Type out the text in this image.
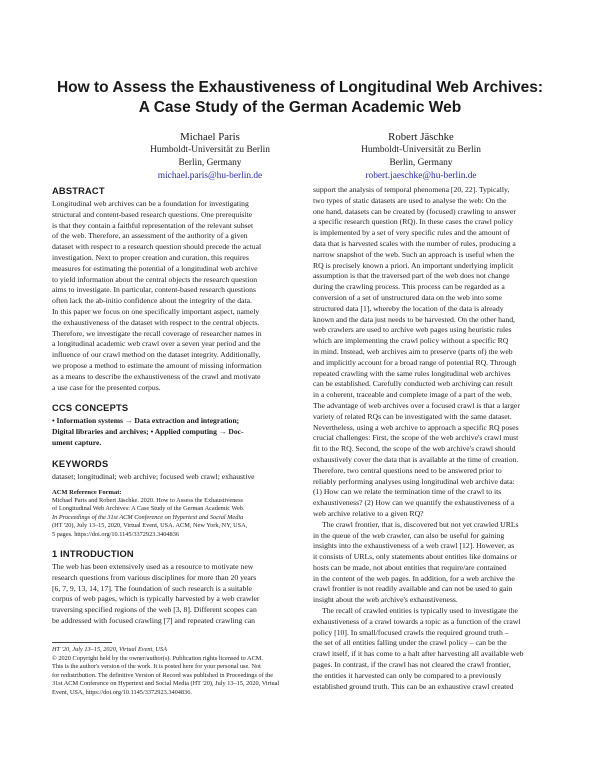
How to Assess the Exhaustiveness of Longitudinal Web Archives:
A Case Study of the German Academic Web
Michael Paris
Humboldt-Universität zu Berlin
Berlin, Germany
michael.paris@hu-berlin.de
Robert Jäschke
Humboldt-Universität zu Berlin
Berlin, Germany
robert.jaeschke@hu-berlin.de

ABSTRACT

Longitudinal web archives can be a foundation for investigating
structural and content-based research questions. One prerequisite
is that they contain a faithful representation of the relevant subset
of the web. Therefore, an assessment of the authority of a given
dataset with respect to a research question should precede the actual
investigation. Next to proper creation and curation, this requires
measures for estimating the potential of a longitudinal web archive
to yield information about the central objects the research question
aims to investigate. In particular, content-based research questions
often lack the ab-initio confidence about the integrity of the data.
In this paper we focus on one specifically important aspect, namely
the exhaustiveness of the dataset with respect to the central objects.
Therefore, we investigate the recall coverage of researcher names in
a longitudinal academic web crawl over a seven year period and the
influence of our crawl method on the dataset integrity. Additionally,
we propose a method to estimate the amount of missing information
as a means to describe the exhaustiveness of the crawl and motivate
a use case for the presented corpus.

CCS CONCEPTS

• Information systems → Data extraction and integration;
Digital libraries and archives; • Applied computing → Doc-
ument capture.

KEYWORDS

dataset; longitudinal; web archive; focused web crawl; exhaustive
ACM Reference Format:
Michael Paris and Robert Jäschke. 2020. How to Assess the Exhaustiveness
of Longitudinal Web Archives: A Case Study of the German Academic Web.
In Proceedings of the 31st ACM Conference on Hypertext and Social Media
(HT '20), July 13–15, 2020, Virtual Event, USA. ACM, New York, NY, USA,
5 pages. https://doi.org/10.1145/3372923.3404836

1 INTRODUCTION

The web has been extensively used as a resource to motivate new
research questions from various disciplines for more than 20 years
[6, 7, 9, 13, 14, 17]. The foundation of such research is a suitable
corpus of web pages, which is typically harvested by a web crawler
traversing specified regions of the web [3, 8]. Different scopes can
be addressed with focused crawling [7] and repeated crawling can
HT '20, July 13–15, 2020, Virtual Event, USA
© 2020 Copyright held by the owner/author(s). Publication rights licensed to ACM.
This is the author's version of the work. It is posted here for your personal use. Not
for redistribution. The definitive Version of Record was published in Proceedings of the
31st ACM Conference on Hypertext and Social Media (HT '20), July 13–15, 2020, Virtual
Event, USA, https://doi.org/10.1145/3372923.3404836.
support the analysis of temporal phenomena [20, 22]. Typically,
two types of static datasets are used to analyse the web: On the
one hand, datasets can be created by (focused) crawling to answer
a specific research question (RQ). In these cases the crawl policy
is implemented by a set of very specific rules and the amount of
data that is harvested scales with the number of rules, producing a
narrow snapshot of the web. Such an approach is useful when the
RQ is precisely known a priori. An important underlying implicit
assumption is that the traversed part of the web does not change
during the crawling process. This process can be regarded as a
conversion of a set of unstructured data on the web into some
structured data [1], whereby the location of the data is already
known and the data just needs to be harvested. On the other hand,
web crawlers are used to archive web pages using heuristic rules
which are implementing the crawl policy without a specific RQ
in mind. Instead, web archives aim to preserve (parts of) the web
and implicitly account for a broad range of potential RQ. Through
repeated crawling with the same rules longitudinal web archives
can be established. Carefully conducted web archiving can result
in a coherent, traceable and complete image of a part of the web.
The advantage of web archives over a focused crawl is that a larger
variety of related RQs can be investigated with the same dataset.
Nevertheless, using a web archive to approach a specific RQ poses
crucial challenges: First, the scope of the web archive's crawl must
fit to the RQ. Second, the scope of the web archive's crawl should
exhaustively cover the data that is available at the time of creation.
Therefore, two central questions need to be answered prior to
reliably performing analyses using longitudinal web archive data:
(1) How can we relate the termination time of the crawl to its
exhaustiveness? (2) How can we quantify the exhaustiveness of a
web archive relative to a given RQ?
The crawl frontier, that is, discovered but not yet crawled URLs
in the queue of the web crawler, can also be useful for gaining
insights into the exhaustiveness of a web crawl [12]. However, as
it consists of URLs, only statements about entities like domains or
hosts can be made, not about entities that require/are contained
in the content of the web pages. In addition, for a web archive the
crawl frontier is not readily available and can not be used to gain
insight about the web archive's exhaustiveness.
The recall of crawled entities is typically used to investigate the
exhaustiveness of a crawl towards a topic as a function of the crawl
policy [10]. In small/focused crawls the required ground truth –
the set of all entities falling under the crawl policy – can be the
crawl itself, if it has come to a halt after harvesting all available web
pages. In contrast, if the crawl has not cleared the crawl frontier,
the entities it harvested can only be compared to a previously
established ground truth. This can be an exhaustive crawl created
